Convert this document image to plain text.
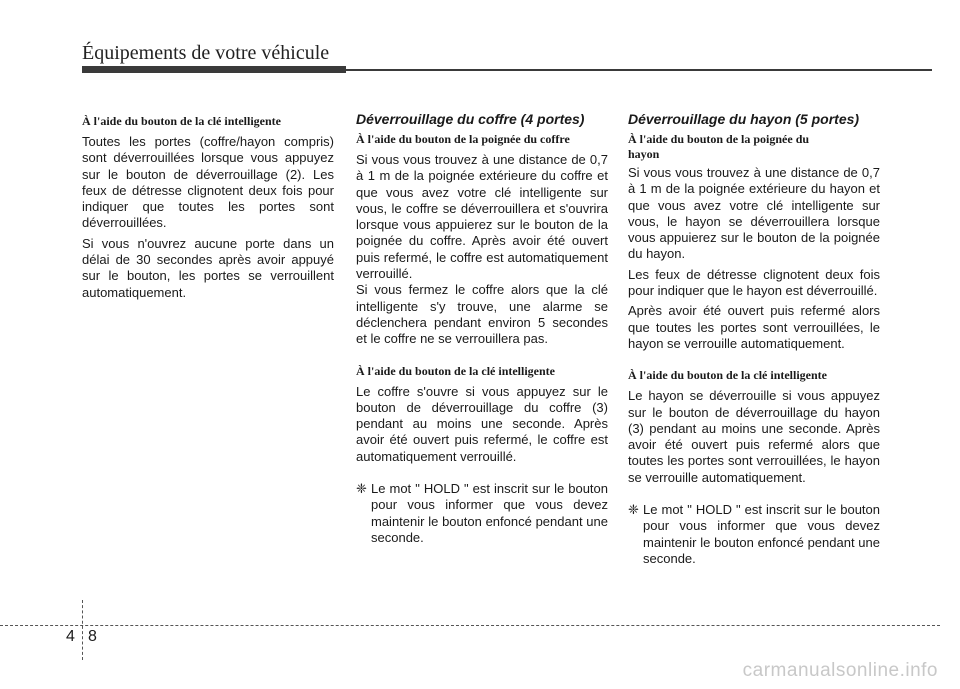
Équipements de votre véhicule
À l'aide du bouton de la clé intelligente
Toutes les portes (coffre/hayon compris) sont déverrouillées lorsque vous appuyez sur le bouton de déverrouillage (2). Les feux de détresse clignotent deux fois pour indiquer que toutes les portes sont déverrouillées.
Si vous n'ouvrez aucune porte dans un délai de 30 secondes après avoir appuyé sur le bouton, les portes se verrouillent automatiquement.
Déverrouillage du coffre (4 portes)
À l'aide du bouton de la poignée du coffre
Si vous vous trouvez à une distance de 0,7 à 1 m de la poignée extérieure du coffre et que vous avez votre clé intelligente sur vous, le coffre se déverrouillera et s'ouvrira lorsque vous appuierez sur le bouton de la poignée du coffre. Après avoir été ouvert puis refermé, le coffre est automatiquement verrouillé.
Si vous fermez le coffre alors que la clé intelligente s'y trouve, une alarme se déclenchera pendant environ 5 secondes et le coffre ne se verrouillera pas.
À l'aide du bouton de la clé intelligente
Le coffre s'ouvre si vous appuyez sur le bouton de déverrouillage du coffre (3) pendant au moins une seconde. Après avoir été ouvert puis refermé, le coffre est automatiquement verrouillé.
❈ Le mot " HOLD " est inscrit sur le bouton pour vous informer que vous devez maintenir le bouton enfoncé pendant une seconde.
Déverrouillage du hayon (5 portes)
À l'aide du bouton de la poignée du
hayon
Si vous vous trouvez à une distance de 0,7 à 1 m de la poignée extérieure du hayon et que vous avez votre clé intelligente sur vous, le hayon se déverrouillera lorsque vous appuierez sur le bouton de la poignée du hayon.
Les feux de détresse clignotent deux fois pour indiquer que le hayon est déverrouillé.
Après avoir été ouvert puis refermé alors que toutes les portes sont verrouillées, le hayon se verrouille automatiquement.
À l'aide du bouton de la clé intelligente
Le hayon se déverrouille si vous appuyez sur le bouton de déverrouillage du hayon (3) pendant au moins une seconde. Après avoir été ouvert puis refermé alors que toutes les portes sont verrouillées, le hayon se verrouille automatiquement.
❈ Le mot " HOLD " est inscrit sur le bouton pour vous informer que vous devez maintenir le bouton enfoncé pendant une seconde.
4 8
carmanualsonline.info
